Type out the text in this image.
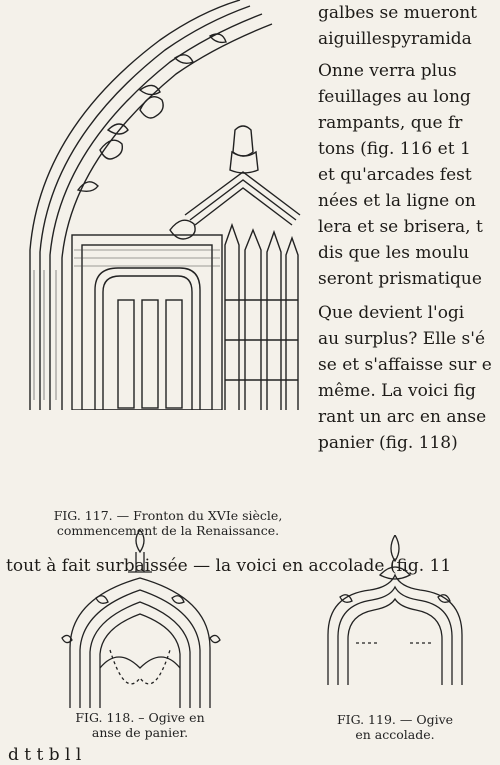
galbes se mueront
aiguillespyramida
Onne verra plus
feuillages au long
rampants, que fr
tons (fig. 116 et 1
et qu'arcades fest
nées et la ligne on
lera et se brisera, t
dis que les moulu
seront prismatique
Que devient l'ogi
au surplus? Elle s'é
se et s'affaisse sur e
même. La voici fig
rant un arc en anse
panier (fig. 118)
FIG. 117. — Fronton du XVIe siècle,
commencement de la Renaissance.
tout à fait surbaissée — la voici en accolade (fig. 11
FIG. 118. – Ogive en
anse de panier.
FIG. 119. — Ogive
en accolade.
d t t b l l
